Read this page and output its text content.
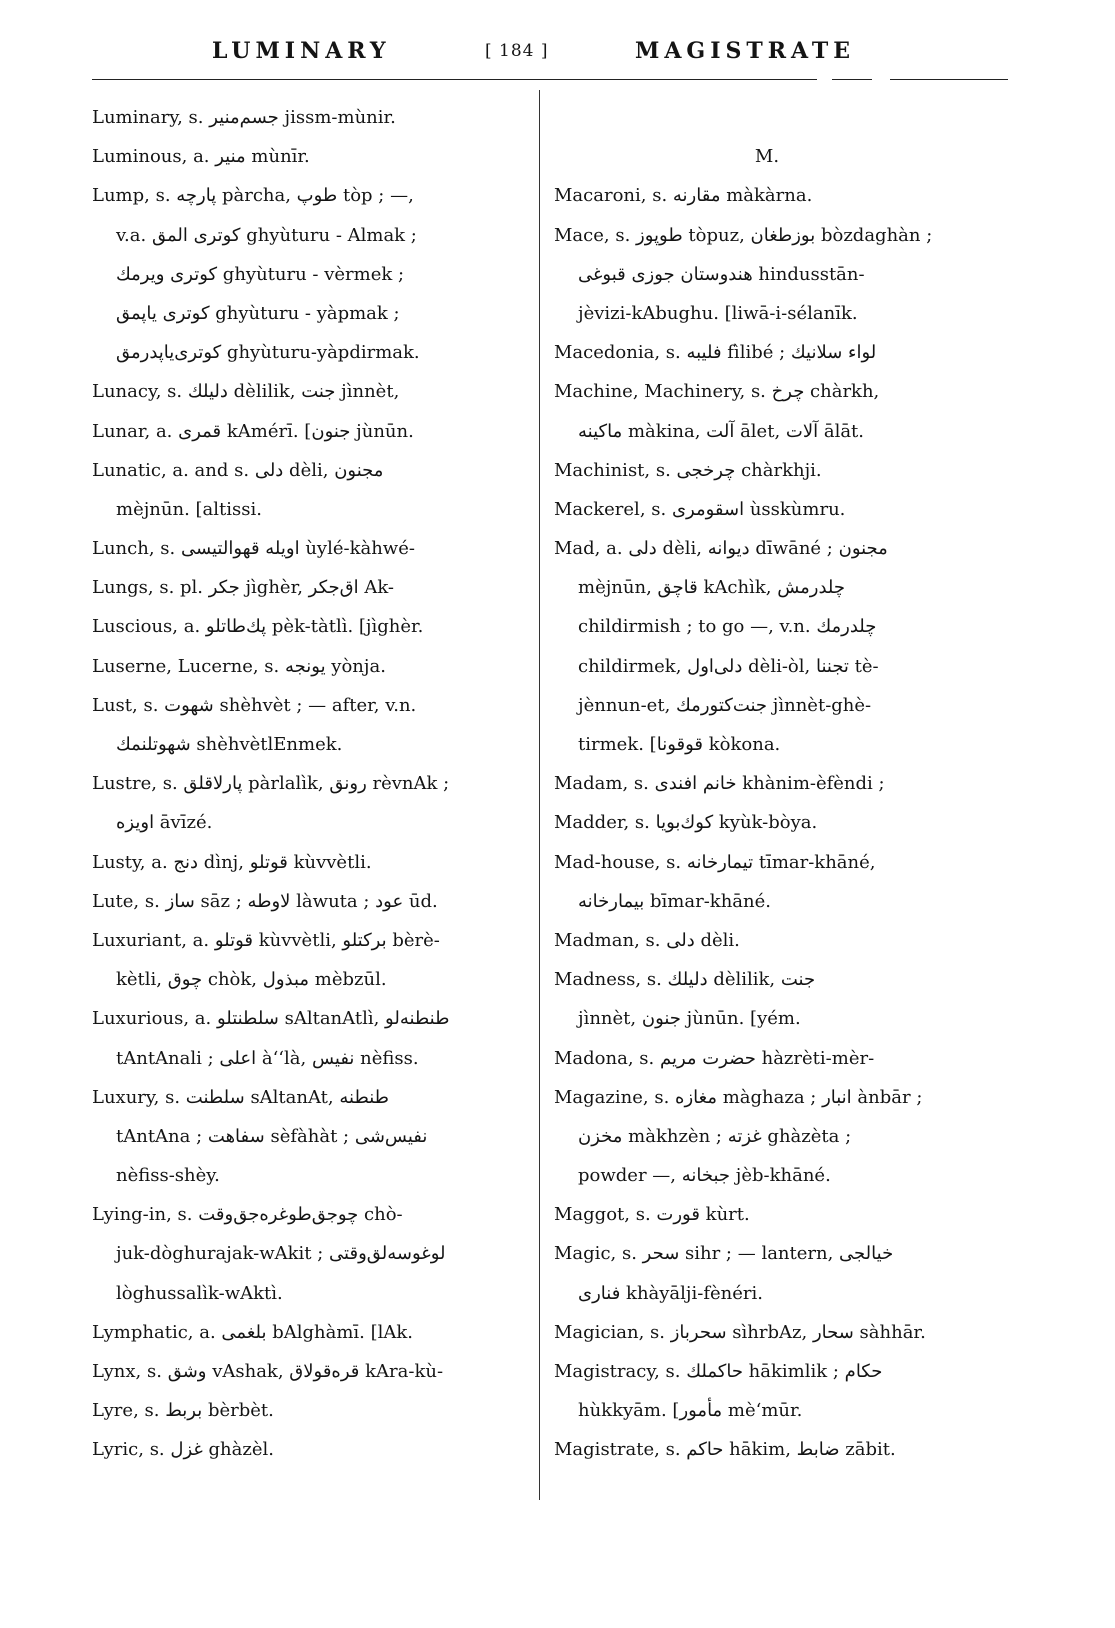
LUMINARY	[ 184 ]	MAGISTRATE
Luminary, s. جسم‌منير jissm-mùnir.
Luminous, a. منير mùnīr.
Lump, s. پارچه pàrcha, طوپ tòp ; —,
v.a. كوترى المق ghyùturu - Almak ;
كوترى ويرمك ghyùturu - vèrmek ;
كوترى ياپمق ghyùturu - yàpmak ;
كوترى‌ياپدرمق ghyùturu-yàpdirmak.
Lunacy, s. دليلك dèlilik, جنت jìnnèt,
Lunar, a. قمرى kAmérī. [جنون jùnūn.
Lunatic, a. and s. دلى dèli, مجنون
mèjnūn. [altissi.
Lunch, s. اويله قهوالتيسى ùylé-kàhwé-
Lungs, s. pl. جكر jìghèr, اق‌جكر Ak-
Luscious, a. پك‌طاتلو pèk-tàtlì. [jìghèr.
Luserne, Lucerne, s. يونجه yònja.
Lust, s. شهوت shèhvèt ; — after, v.n.
شهوتلنمك shèhvètlEnmek.
Lustre, s. پارلاقلق pàrlalìk, رونق rèvnAk ;
اويزه āvīzé.
Lusty, a. دنج dìnj, قوتلو kùvvètli.
Lute, s. ساز sāz ; لاوطه làwuta ; عود ūd.
Luxuriant, a. قوتلو kùvvètli, بركتلو bèrè-
kètli, چوق chòk, مبذول mèbzūl.
Luxurious, a. سلطنتلو sAltanAtlì, طنطنه‌لو
tAntAnali ; اعلى à‘‘là, نفيس nèfiss.
Luxury, s. سلطنت sAltanAt, طنطنه
tAntAna ; سفاهت sèfàhàt ; نفيس‌شى
nèfiss-shèy.
Lying-in, s. چوجق‌طوغره‌جق‌وقت chò-
juk-dòghurajak-wAkit ; لوغوسه‌لق‌وقتى
lòghussalìk-wAktì.
Lymphatic, a. بلغمى bAlghàmī. [lAk.
Lynx, s. وشق vAshak, قره‌قولاق kAra-kù-
Lyre, s. بربط bèrbèt.
Lyric, s. غزل ghàzèl.
M.
Macaroni, s. مقارنه màkàrna.
Mace, s. طوپوز tòpuz, بوزطغان bòzdaghàn ;
هندوستان جوزى قبوغى hindusstān-
jèvizi-kAbughu. [liwā-i-sélanīk.
Macedonia, s. فليبه fìlibé ; لواء سلانيك
Machine, Machinery, s. چرخ chàrkh,
ماكينه màkina, آلت ālet, آلات ālāt.
Machinist, s. چرخجى chàrkhji.
Mackerel, s. اسقومرى ùsskùmru.
Mad, a. دلى dèli, ديوانه dīwāné ; مجنون
mèjnūn, قاچق kAchìk, چلدرمش
childirmish ; to go —, v.n. چلدرمك
childirmek, دلى‌اول dèli-òl, تجننا tè-
jènnun-et, جنت‌كتورمك jìnnèt-ghè-
tirmek. [قوقونا kòkona.
Madam, s. خانم افندى khànim-èfèndi ;
Madder, s. كوك‌بويا kyùk-bòya.
Mad-house, s. تيمارخانه tīmar-khāné,
بيمارخانه bīmar-khāné.
Madman, s. دلى dèli.
Madness, s. دليلك dèlilik, جنت
jìnnèt, جنون jùnūn. [yém.
Madona, s. حضرت مريم hàzrèti-mèr-
Magazine, s. مغازه màghaza ; انبار ànbār ;
مخزن màkhzèn ; غزته ghàzèta ;
powder —, جبخانه jèb-khāné.
Maggot, s. قورت kùrt.
Magic, s. سحر sihr ; — lantern, خيالجى
فنارى khàyālji-fènéri.
Magician, s. سحرباز sìhrbAz, سحار sàhhār.
Magistracy, s. حاكملك hākimlik ; حكام
hùkkyām. [مأمور mè‘mūr.
Magistrate, s. حاكم hākim, ضابط zābit.
